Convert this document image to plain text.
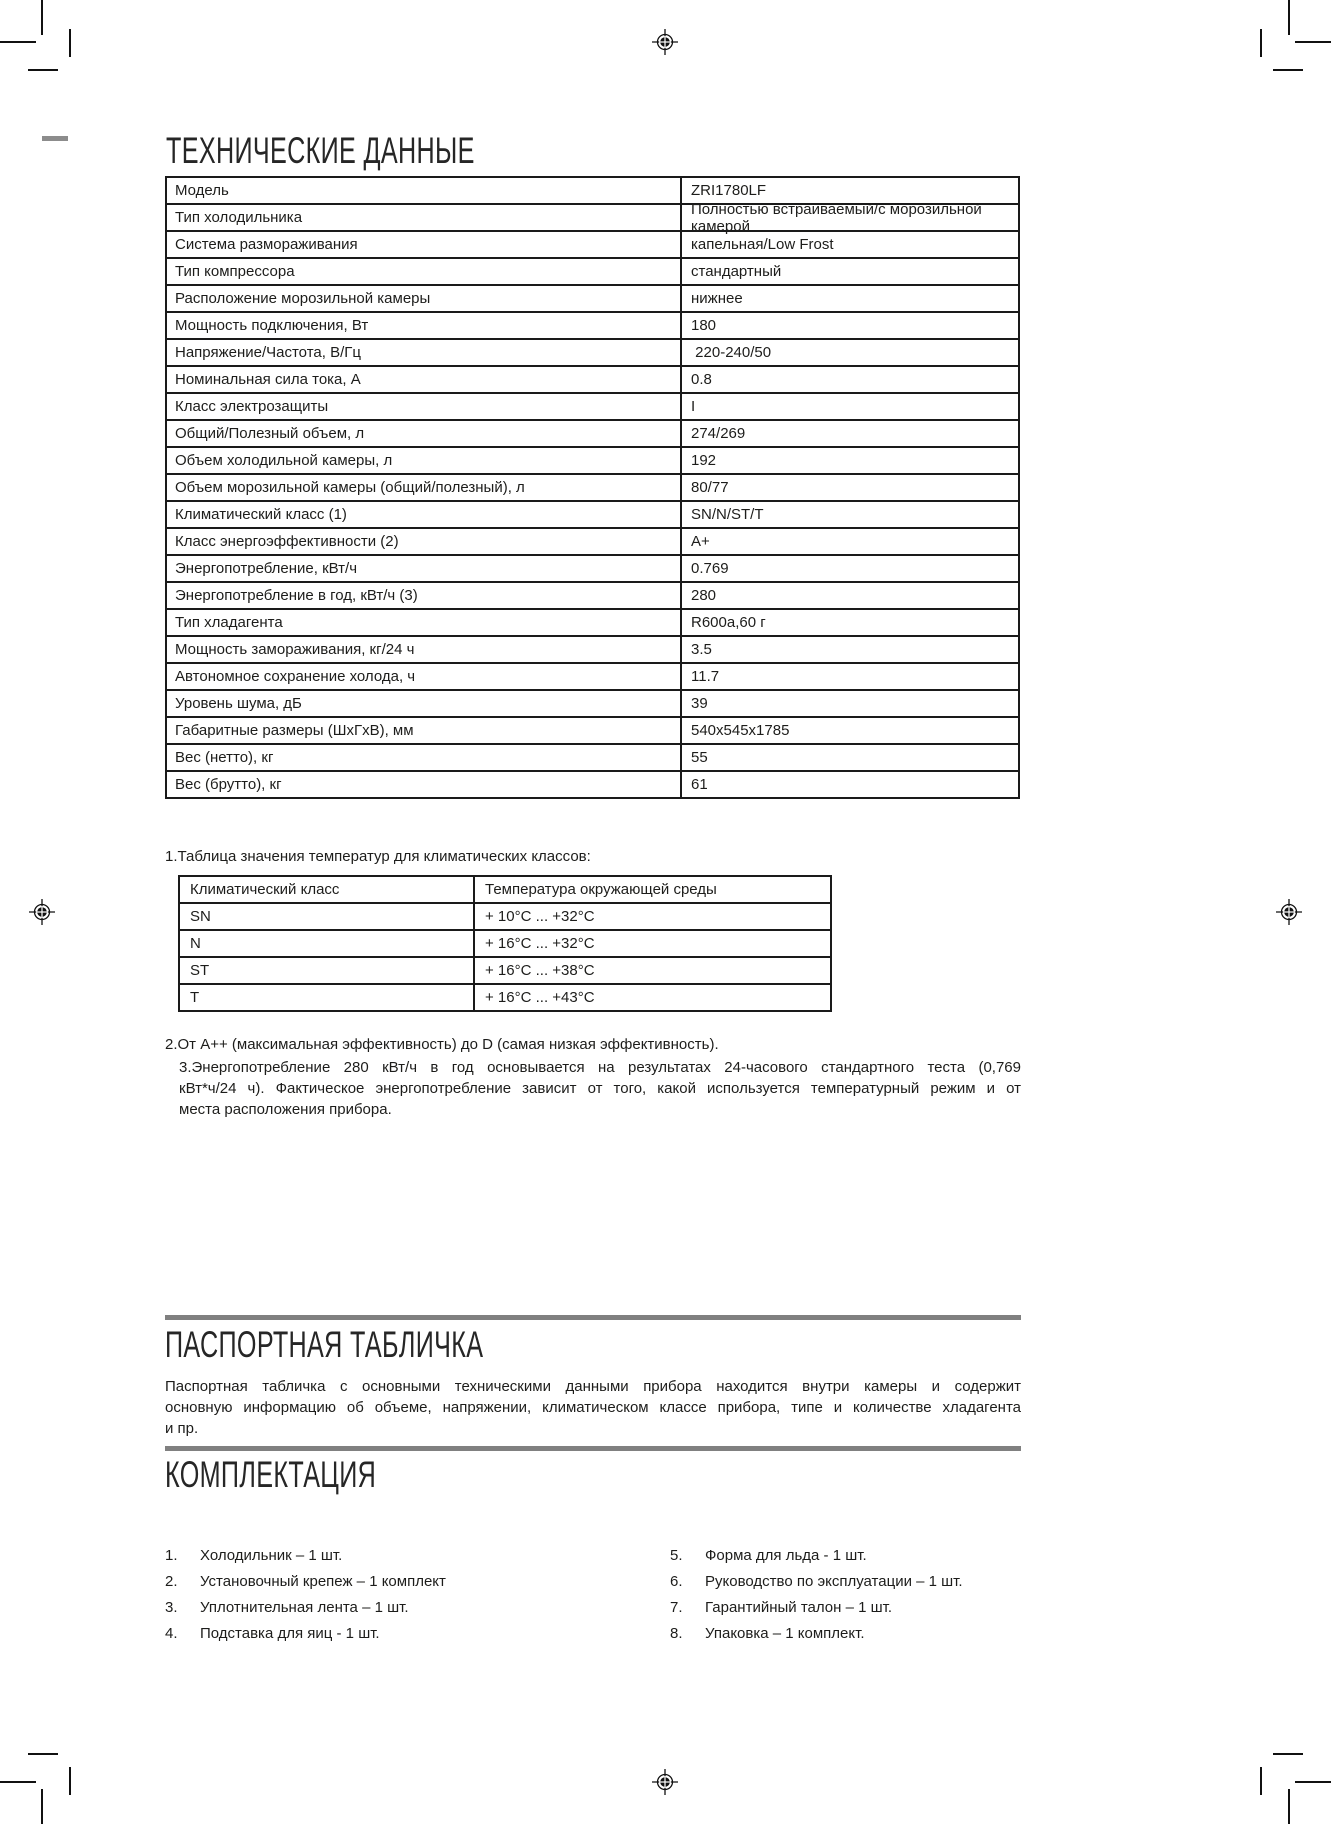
ТЕХНИЧЕСКИЕ ДАННЫЕ
Модель	ZRI1780LF
Тип холодильника	Полностью встраиваемый/с морозильной камерой
Система размораживания	капельная/Low Frost
Тип компрессора	стандартный
Расположение морозильной камеры	нижнее
Мощность подключения, Вт	180
Напряжение/Частота, В/Гц	220-240/50
Номинальная сила тока, А	0.8
Класс электрозащиты	I
Общий/Полезный объем, л	274/269
Объем холодильной камеры, л	192
Объем морозильной камеры (общий/полезный), л	80/77
Климатический класс (1)	SN/N/ST/T
Класс энергоэффективности (2)	A+
Энергопотребление, кВт/ч	0.769
Энергопотребление в год, кВт/ч (3)	280
Тип хладагента	R600a,60 г
Мощность замораживания, кг/24 ч	3.5
Автономное сохранение холода, ч	11.7
Уровень шума, дБ	39
Габаритные размеры (ШхГхВ), мм	540x545x1785
Вес (нетто), кг	55
Вес (брутто), кг	61
1.Таблица значения температур для климатических классов:
Климатический класс	Температура окружающей среды
SN	+ 10°C ... +32°C
N	+ 16°C ... +32°C
ST	+ 16°C ... +38°C
T	+ 16°C ... +43°C
2.От A++ (максимальная эффективность) до D (самая низкая эффективность).
3.Энергопотребление 280 кВт/ч в год основывается на результатах 24-часового стандартного теста (0,769
кВт*ч/24 ч). Фактическое энергопотребление зависит от того, какой используется температурный режим и от
места расположения прибора.
ПАСПОРТНАЯ ТАБЛИЧКА
Паспортная табличка с основными техническими данными прибора находится внутри камеры и содержит
основную информацию об объеме, напряжении, климатическом классе прибора, типе и количестве хладагента
и пр.
КОМПЛЕКТАЦИЯ
1.	Холодильник – 1 шт.
2.	Установочный крепеж – 1 комплект
3.	Уплотнительная лента – 1 шт.
4.	Подставка для яиц - 1 шт.
5.	Форма для льда - 1 шт.
6.	Руководство по эксплуатации – 1 шт.
7.	Гарантийный талон – 1 шт.
8.	Упаковка – 1 комплект.
